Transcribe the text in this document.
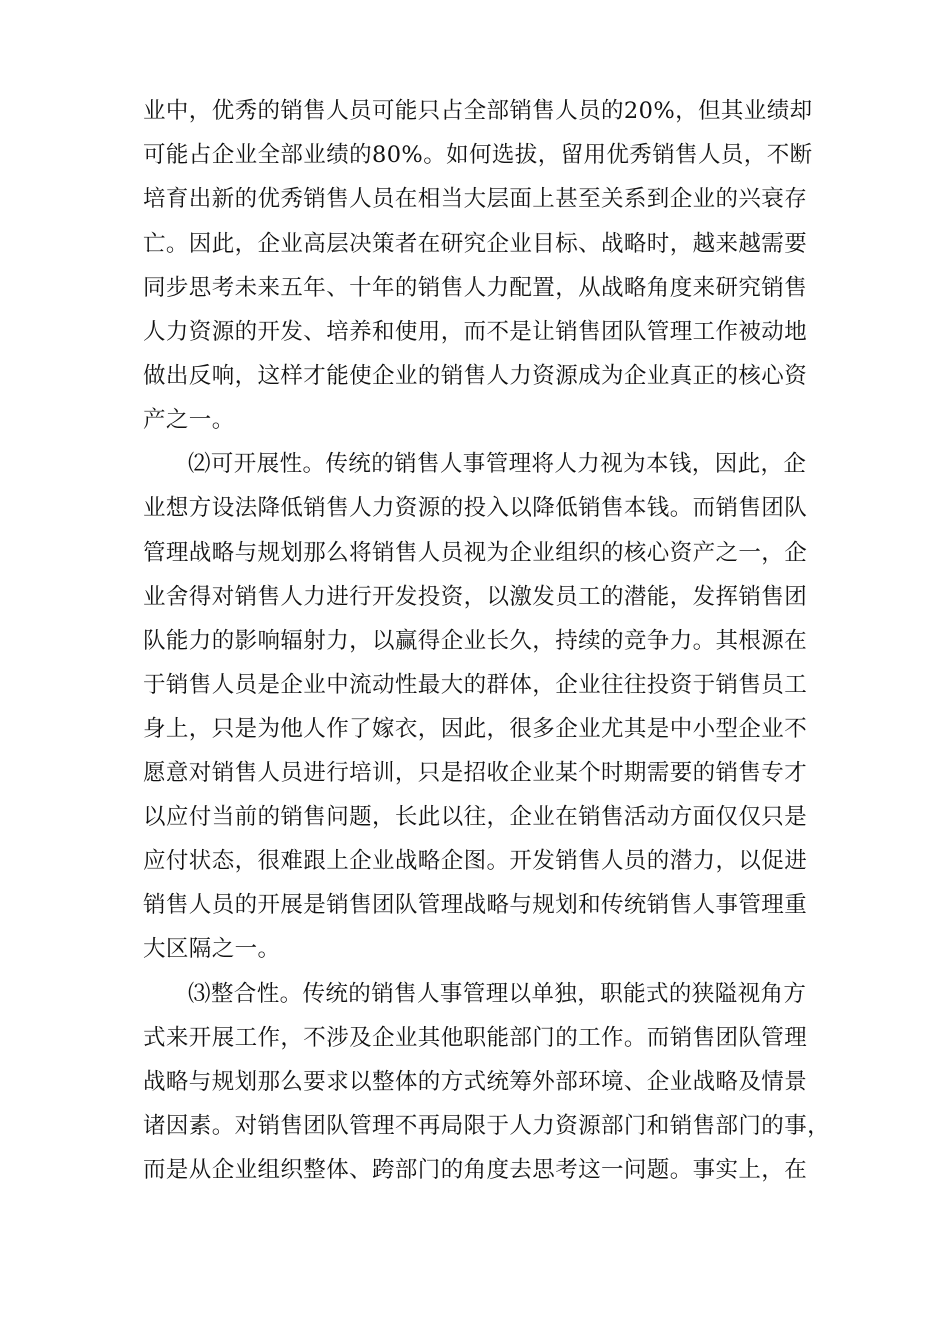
业中，优秀的销售人员可能只占全部销售人员的20%，但其业绩却
可能占企业全部业绩的80%。如何选拔，留用优秀销售人员，不断
培育出新的优秀销售人员在相当大层面上甚至关系到企业的兴衰存
亡。因此，企业高层决策者在研究企业目标、战略时，越来越需要
同步思考未来五年、十年的销售人力配置，从战略角度来研究销售
人力资源的开发、培养和使用，而不是让销售团队管理工作被动地
做出反响，这样才能使企业的销售人力资源成为企业真正的核心资
产之一。
⑵可开展性。传统的销售人事管理将人力视为本钱，因此，企
业想方设法降低销售人力资源的投入以降低销售本钱。而销售团队
管理战略与规划那么将销售人员视为企业组织的核心资产之一，企
业舍得对销售人力进行开发投资，以激发员工的潜能，发挥销售团
队能力的影响辐射力，以赢得企业长久，持续的竞争力。其根源在
于销售人员是企业中流动性最大的群体，企业往往投资于销售员工
身上，只是为他人作了嫁衣，因此，很多企业尤其是中小型企业不
愿意对销售人员进行培训，只是招收企业某个时期需要的销售专才
以应付当前的销售问题，长此以往，企业在销售活动方面仅仅只是
应付状态，很难跟上企业战略企图。开发销售人员的潜力，以促进
销售人员的开展是销售团队管理战略与规划和传统销售人事管理重
大区隔之一。
⑶整合性。传统的销售人事管理以单独，职能式的狭隘视角方
式来开展工作，不涉及企业其他职能部门的工作。而销售团队管理
战略与规划那么要求以整体的方式统筹外部环境、企业战略及情景
诸因素。对销售团队管理不再局限于人力资源部门和销售部门的事，
而是从企业组织整体、跨部门的角度去思考这一问题。事实上，在
